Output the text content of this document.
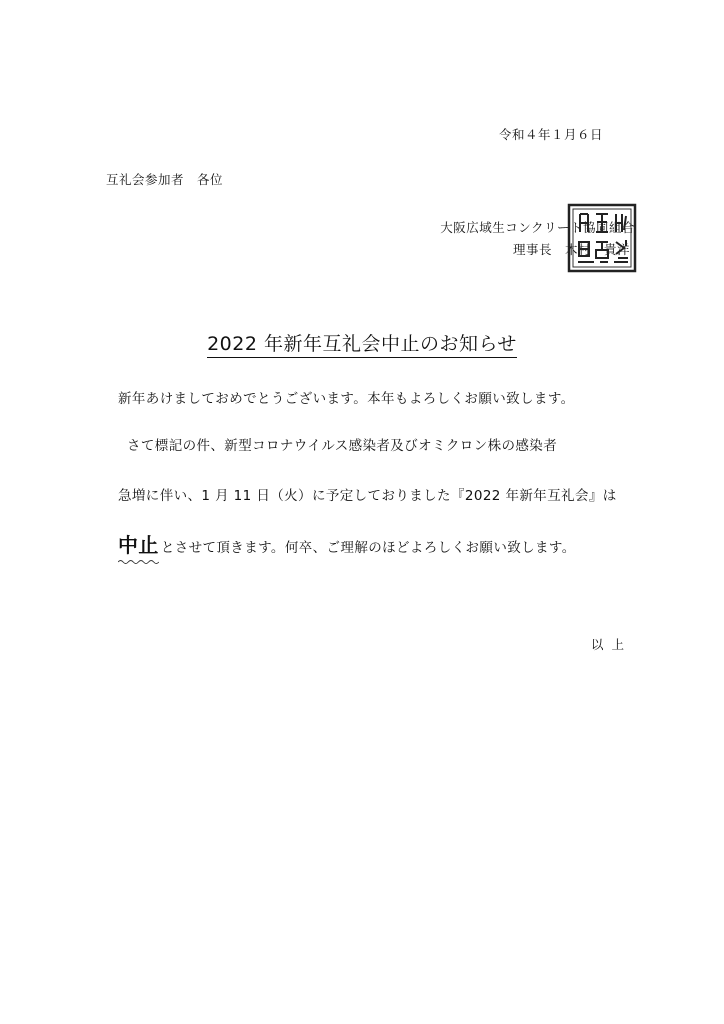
令和４年１月６日
互礼会参加者　各位
大阪広域生コンクリート協同組合
理事長　木村　貴洋
2022 年新年互礼会中止のお知らせ
新年あけましておめでとうございます。本年もよろしくお願い致します。
さて標記の件、新型コロナウイルス感染者及びオミクロン株の感染者
急増に伴い、1 月 11 日（火）に予定しておりました『2022 年新年互礼会』は
中止 とさせて頂きます。何卒、ご理解のほどよろしくお願い致します。
以上
